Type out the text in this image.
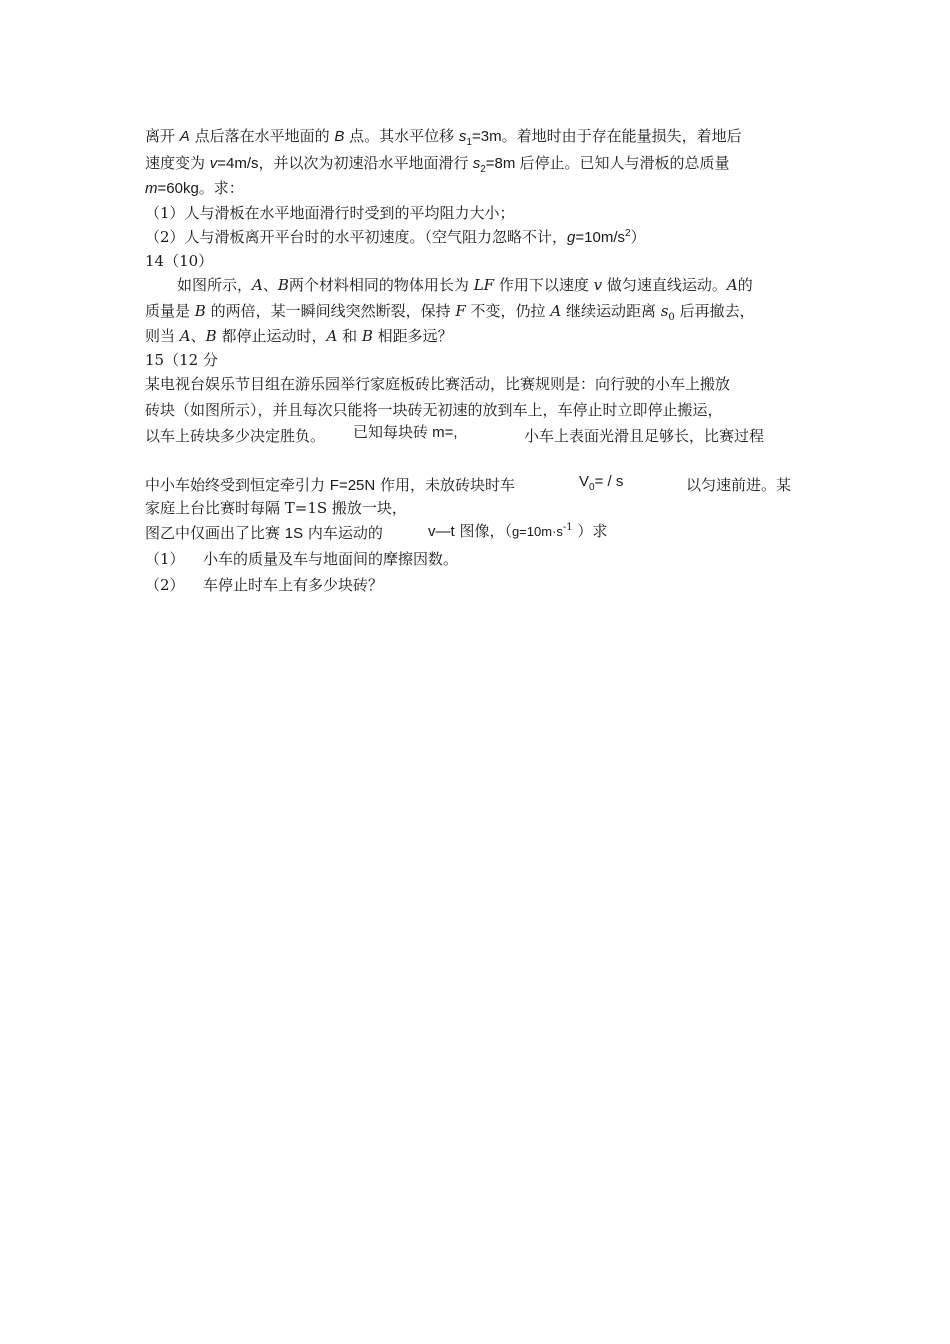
离开 A 点后落在水平地面的 B 点。其水平位移 $s_1=3m$。着地时由于存在能量损失，着地后
速度变为 v=4m/s，并以次为初速沿水平地面滑行 $s_2=8m$ 后停止。已知人与滑板的总质量
m=60kg。求：
（1）人与滑板在水平地面滑行时受到的平均阻力大小；
（2）人与滑板离开平台时的水平初速度。（空气阻力忽略不计，$g=10m/s^2$）
14（10）
如图所示，A、B两个材料相同的物体用长为 LF 作用下以速度 v 做匀速直线运动。A的
质量是 B 的两倍，某一瞬间线突然断裂，保持 F 不变，仍拉 A 继续运动距离 $s_0$ 后再撤去，
则当 A、B 都停止运动时，A 和 B 相距多远？
15（12 分
某电视台娱乐节目组在游乐园举行家庭板砖比赛活动，比赛规则是：向行驶的小车上搬放
砖块（如图所示），并且每次只能将一块砖无初速的放到车上，车停止时立即停止搬运，
以车上砖块多少决定胜负。 已知每块砖 m=,	小车上表面光滑且足够长，比赛过程
中小车始终受到恒定牵引力 F=25N 作用，未放砖块时车	$V_0= / s$	以匀速前进。某
家庭上台比赛时每隔 T=1S 搬放一块，
图乙中仅画出了比赛 1S 内车运动的	v—t 图像，（$g=10m\cdot s^{-1}$ ）求
（1） 小车的质量及车与地面间的摩擦因数。
（2） 车停止时车上有多少块砖？
